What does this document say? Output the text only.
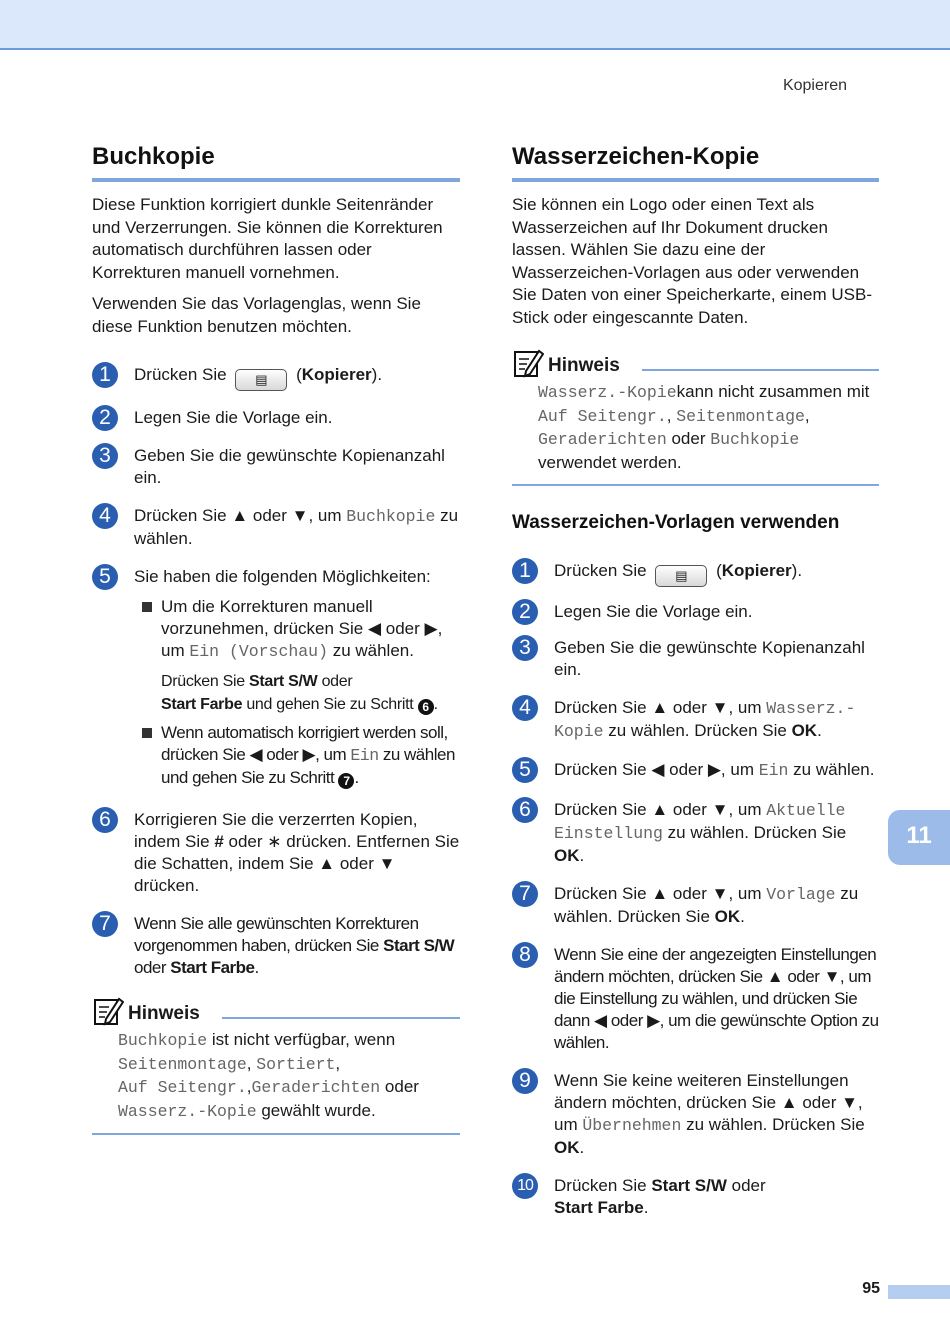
Kopieren
Buchkopie

Diese Funktion korrigiert dunkle Seitenränder und Verzerrungen. Sie können die Korrekturen automatisch durchführen lassen oder Korrekturen manuell vornehmen.

Verwenden Sie das Vorlagenglas, wenn Sie diese Funktion benutzen möchten.

1	Drücken Sie ▤ (Kopierer).
2	Legen Sie die Vorlage ein.
3	Geben Sie die gewünschte Kopienanzahl ein.
4	Drücken Sie ▲ oder ▼, um Buchkopie zu wählen.
5	Sie haben die folgenden Möglichkeiten:
Um die Korrekturen manuell vorzunehmen, drücken Sie ◀ oder ▶, um Ein (Vorschau) zu wählen.
Drücken Sie Start S/W oder
Start Farbe und gehen Sie zu Schritt 6 .
Wenn automatisch korrigiert werden soll, drücken Sie ◀ oder ▶, um Ein zu wählen und gehen Sie zu Schritt 7 .
6	Korrigieren Sie die verzerrten Kopien, indem Sie # oder ∗ drücken. Entfernen Sie die Schatten, indem Sie ▲ oder ▼ drücken.
7	Wenn Sie alle gewünschten Korrekturen vorgenommen haben, drücken Sie Start S/W oder Start Farbe.
Hinweis
Buchkopie ist nicht verfügbar, wenn
Seitenmontage, Sortiert,
Auf Seitengr.,Geraderichten oder
Wasserz.-Kopie gewählt wurde.
Wasserzeichen-Kopie

Sie können ein Logo oder einen Text als Wasserzeichen auf Ihr Dokument drucken lassen. Wählen Sie dazu eine der Wasserzeichen-Vorlagen aus oder verwenden Sie Daten von einer Speicherkarte, einem USB-Stick oder eingescannte Daten.

Hinweis
Wasserz.-Kopiekann nicht zusammen mit Auf Seitengr., Seitenmontage, Geraderichten oder Buchkopie verwendet werden.
Wasserzeichen-Vorlagen verwenden
1	Drücken Sie ▤ (Kopierer).
2	Legen Sie die Vorlage ein.
3	Geben Sie die gewünschte Kopienanzahl ein.
4	Drücken Sie ▲ oder ▼, um Wasserz.-Kopie zu wählen. Drücken Sie OK.
5	Drücken Sie ◀ oder ▶, um Ein zu wählen.
6	Drücken Sie ▲ oder ▼, um Aktuelle Einstellung zu wählen. Drücken Sie OK.
7	Drücken Sie ▲ oder ▼, um Vorlage zu wählen. Drücken Sie OK.
8	Wenn Sie eine der angezeigten Einstellungen ändern möchten, drücken Sie ▲ oder ▼, um die Einstellung zu wählen, und drücken Sie dann ◀ oder ▶, um die gewünschte Option zu wählen.
9	Wenn Sie keine weiteren Einstellungen ändern möchten, drücken Sie ▲ oder ▼, um Übernehmen zu wählen. Drücken Sie OK.
10	Drücken Sie Start S/W oder
Start Farbe.
11
95
